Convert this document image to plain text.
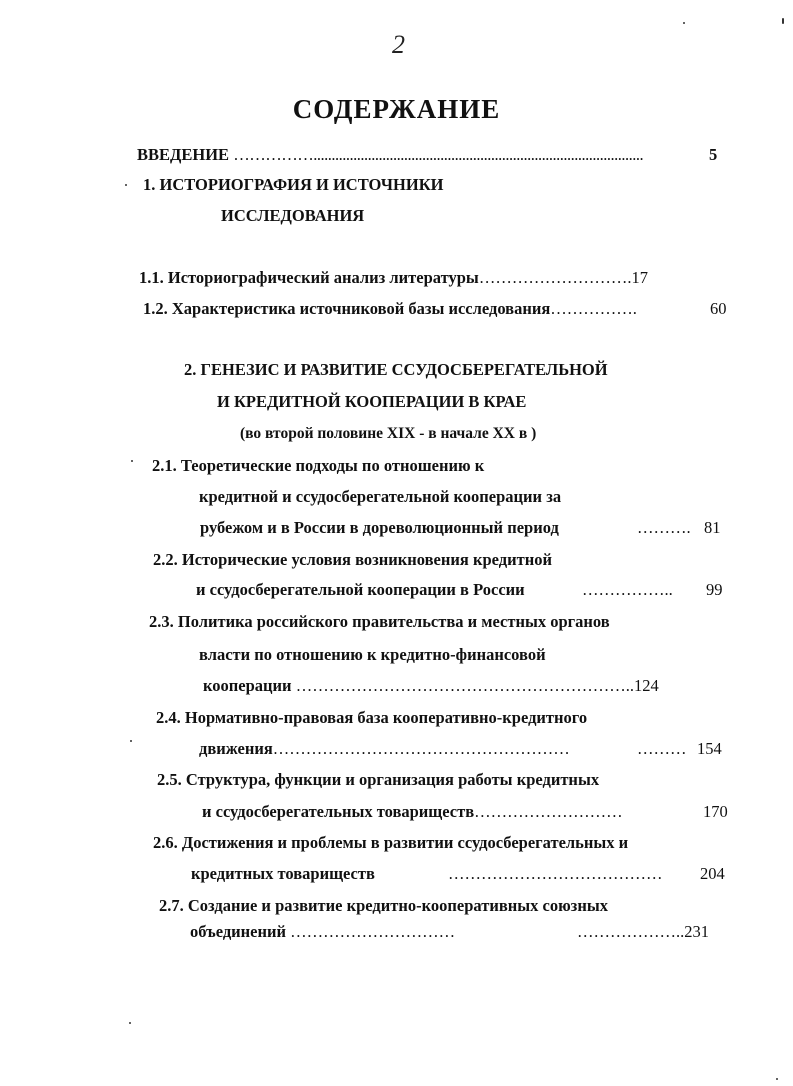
2
СОДЕРЖАНИЕ
ВВЕДЕНИЕ ……………...........................................................................................	5
1. ИСТОРИОГРАФИЯ И ИСТОЧНИКИ
ИССЛЕДОВАНИЯ
1.1. Историографический анализ литературы……………………….17
1.2. Характеристика источниковой базы исследования…………….	60
2. ГЕНЕЗИС И РАЗВИТИЕ ССУДОСБЕРЕГАТЕЛЬНОЙ
И КРЕДИТНОЙ КООПЕРАЦИИ В КРАЕ
(во второй половине XIX - в начале XX в )
2.1. Теоретические подходы по отношению к
кредитной и ссудосберегательной кооперации за
рубежом и в России в дореволюционный период	………. 81
2.2. Исторические условия возникновения кредитной
и ссудосберегательной кооперации в России	…………….. 99
2.3. Политика российского правительства и местных органов
власти по отношению к кредитно-финансовой
кооперации ……………………………………………………..124
2.4. Нормативно-правовая база кооперативно-кредитного
движения………………………………………………	……… 154
2.5. Структура, функции и организация работы кредитных
и ссудосберегательных товариществ………………………	170
2.6. Достижения и проблемы в развитии ссудосберегательных и
кредитных товариществ	………………………………… 204
2.7. Создание и развитие кредитно-кооперативных союзных
объединений …………………………	………………..231
